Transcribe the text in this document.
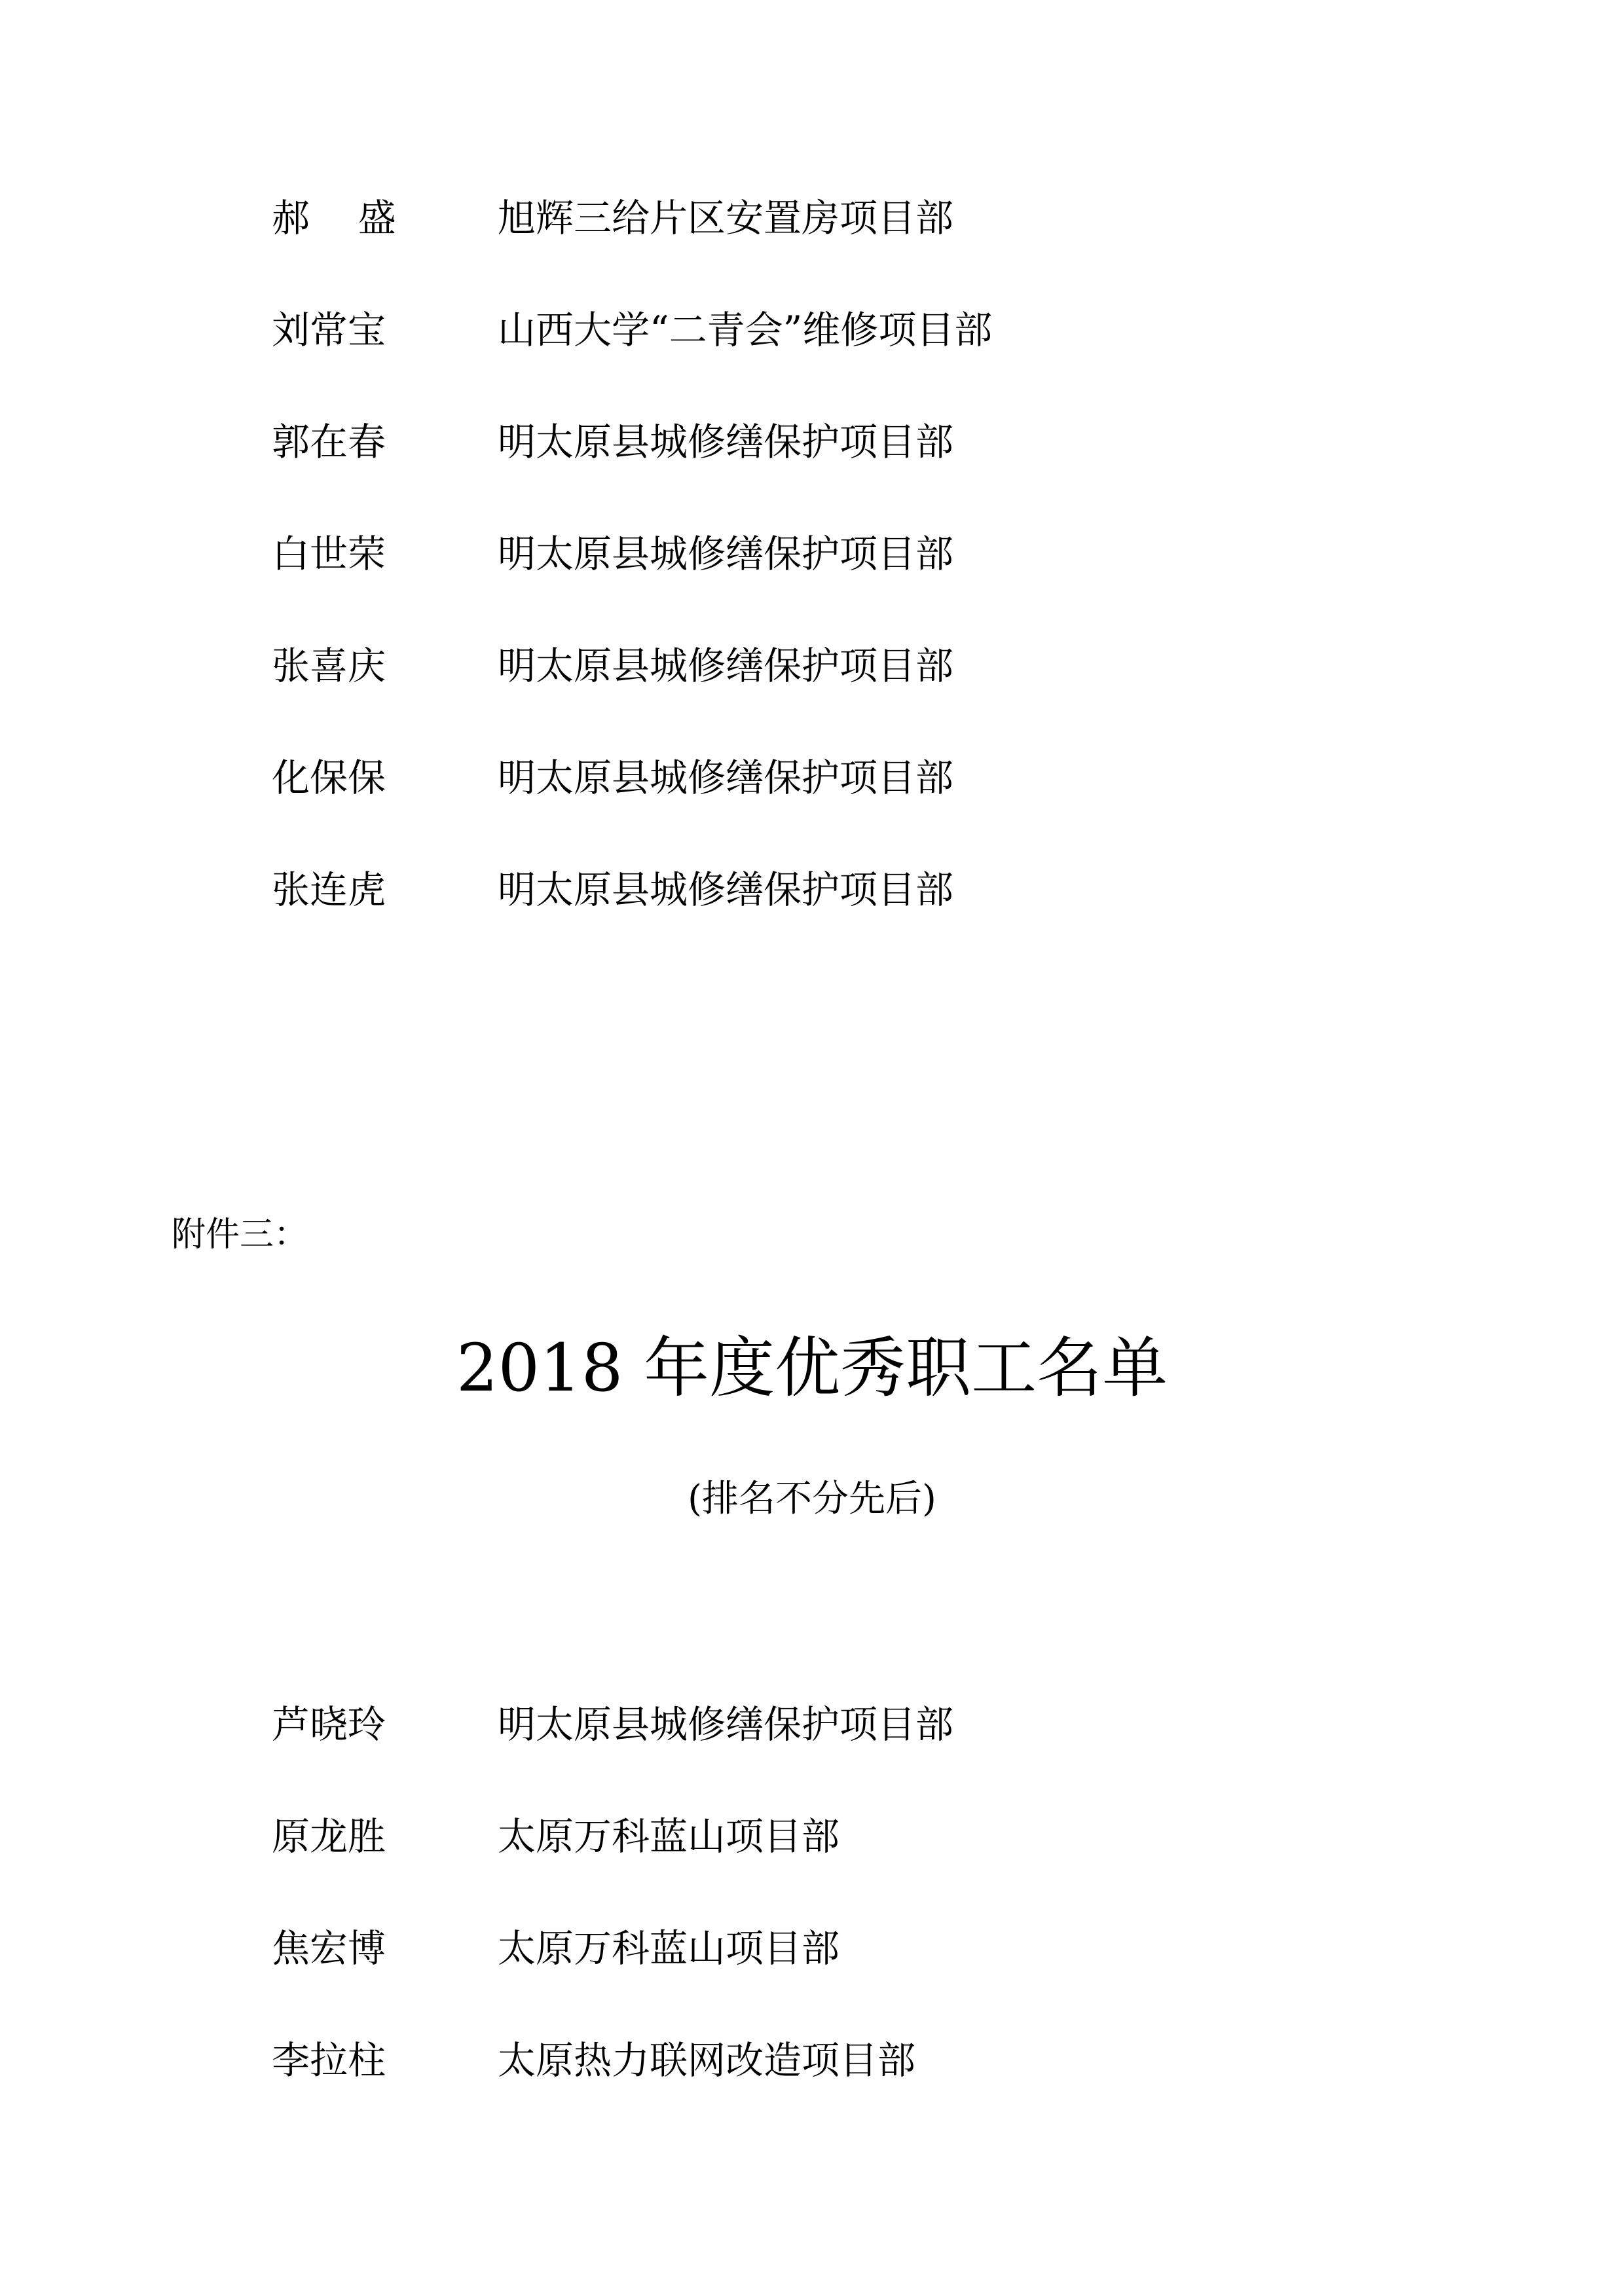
郝    盛	旭辉三给片区安置房项目部
刘常宝	山西大学“二青会”维修项目部
郭在春	明太原县城修缮保护项目部
白世荣	明太原县城修缮保护项目部
张喜庆	明太原县城修缮保护项目部
化保保	明太原县城修缮保护项目部
张连虎	明太原县城修缮保护项目部
附件三：
2018 年度优秀职工名单
(排名不分先后)
芦晓玲	明太原县城修缮保护项目部
原龙胜	太原万科蓝山项目部
焦宏博	太原万科蓝山项目部
李拉柱	太原热力联网改造项目部
